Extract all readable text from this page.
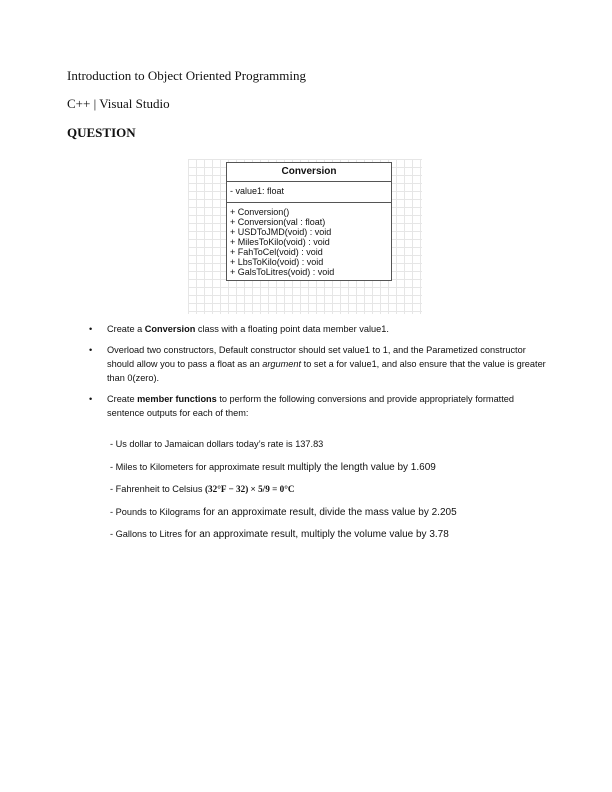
Introduction to Object Oriented Programming
C++ | Visual Studio
QUESTION
Conversion
- value1: float
+ Conversion()
+ Conversion(val : float)
+ USDToJMD(void) : void
+ MilesToKilo(void) : void
+ FahToCel(void) : void
+ LbsToKilo(void) : void
+ GalsToLitres(void) : void
• Create a Conversion class with a floating point data member value1.
• Overload two constructors, Default constructor should set value1 to 1, and the Parametized constructor should allow you to pass a float as an argument to set a for value1, and also ensure that the value is greater than 0(zero).
• Create member functions to perform the following conversions and provide appropriately formatted sentence outputs for each of them:
- Us dollar to Jamaican dollars today’s rate is 137.83
- Miles to Kilometers for approximate result multiply the length value by 1.609
- Fahrenheit to Celsius (32°F − 32) × 5/9 = 0°C
- Pounds to Kilograms for an approximate result, divide the mass value by 2.205
- Gallons to Litres for an approximate result, multiply the volume value by 3.78
